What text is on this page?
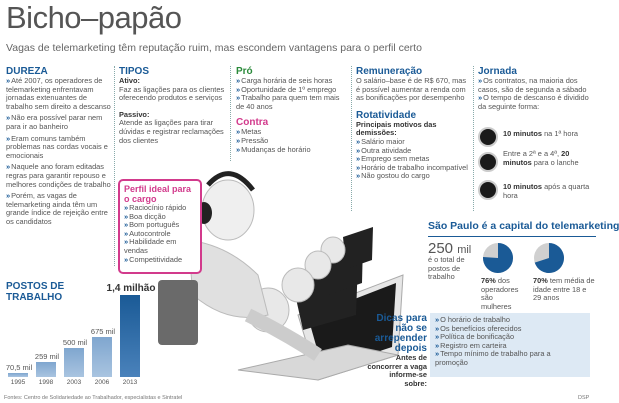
Bicho–papão
Vagas de telemarketing têm reputação ruim, mas escondem vantagens para o perfil certo
DUREZA
»Até 2007, os operadores de telemarketing enfrentavam jornadas extenuantes de trabalho sem direito a descanso
»Não era possível parar nem para ir ao banheiro
»Eram comuns também problemas nas cordas vocais e emocionais
»Naquele ano foram editadas regras para garantir repouso e melhores condições de trabalho
»Porém, as vagas de telemarketing ainda têm um grande índice de rejeição entre os candidatos
TIPOS
Ativo:
Faz as ligações para os clientes oferecendo produtos e serviços
Passivo:
Atende as ligações para tirar dúvidas e registrar reclamações dos clientes
Pró
»Carga horária de seis horas
»Oportunidade de 1º emprego
»Trabalho para quem tem mais de 40 anos
Contra
»Metas
»Pressão
»Mudanças de horário
Remuneração
O salário–base é de R$ 670, mas é possível aumentar a renda com as bonificações por desempenho
Rotatividade
Principais motivos das demissões:
»Salário maior
»Outra atividade
»Emprego sem metas
»Horário de trabalho incompatível
»Não gostou do cargo
Jornada
»Os contratos, na maioria dos casos, são de segunda a sábado
»O tempo de descanso é dividido da seguinte forma:
10 minutos na 1ª hora
Entre a 2ª e a 4ª, 20 minutos para o lanche
10 minutos após a quarta hora
Perfil ideal para o cargo
»Raciocínio rápido
»Boa dicção
»Bom português
»Autocontrole
»Habilidade em vendas
»Competitividade
POSTOS DE TRABALHO
70,5 mil
1995
259 mil
1998
500 mil
2003
675 mil
2006
1,4 milhão
2013
São Paulo é a capital do telemarketing
250 mil
é o total de postos de trabalho	76% dos operadores são mulheres
70% tem média de idade entre 18 e 29 anos
Dicas para não se arrepender depois
Antes de concorrer a vaga informe-se sobre:
»O horário de trabalho
»Os benefícios oferecidos
»Política de bonificação
»Registro em carteira
»Tempo mínimo de trabalho para a promoção
Fontes: Centro de Solidariedade ao Trabalhador, especialistas e Sintratel	DSP
